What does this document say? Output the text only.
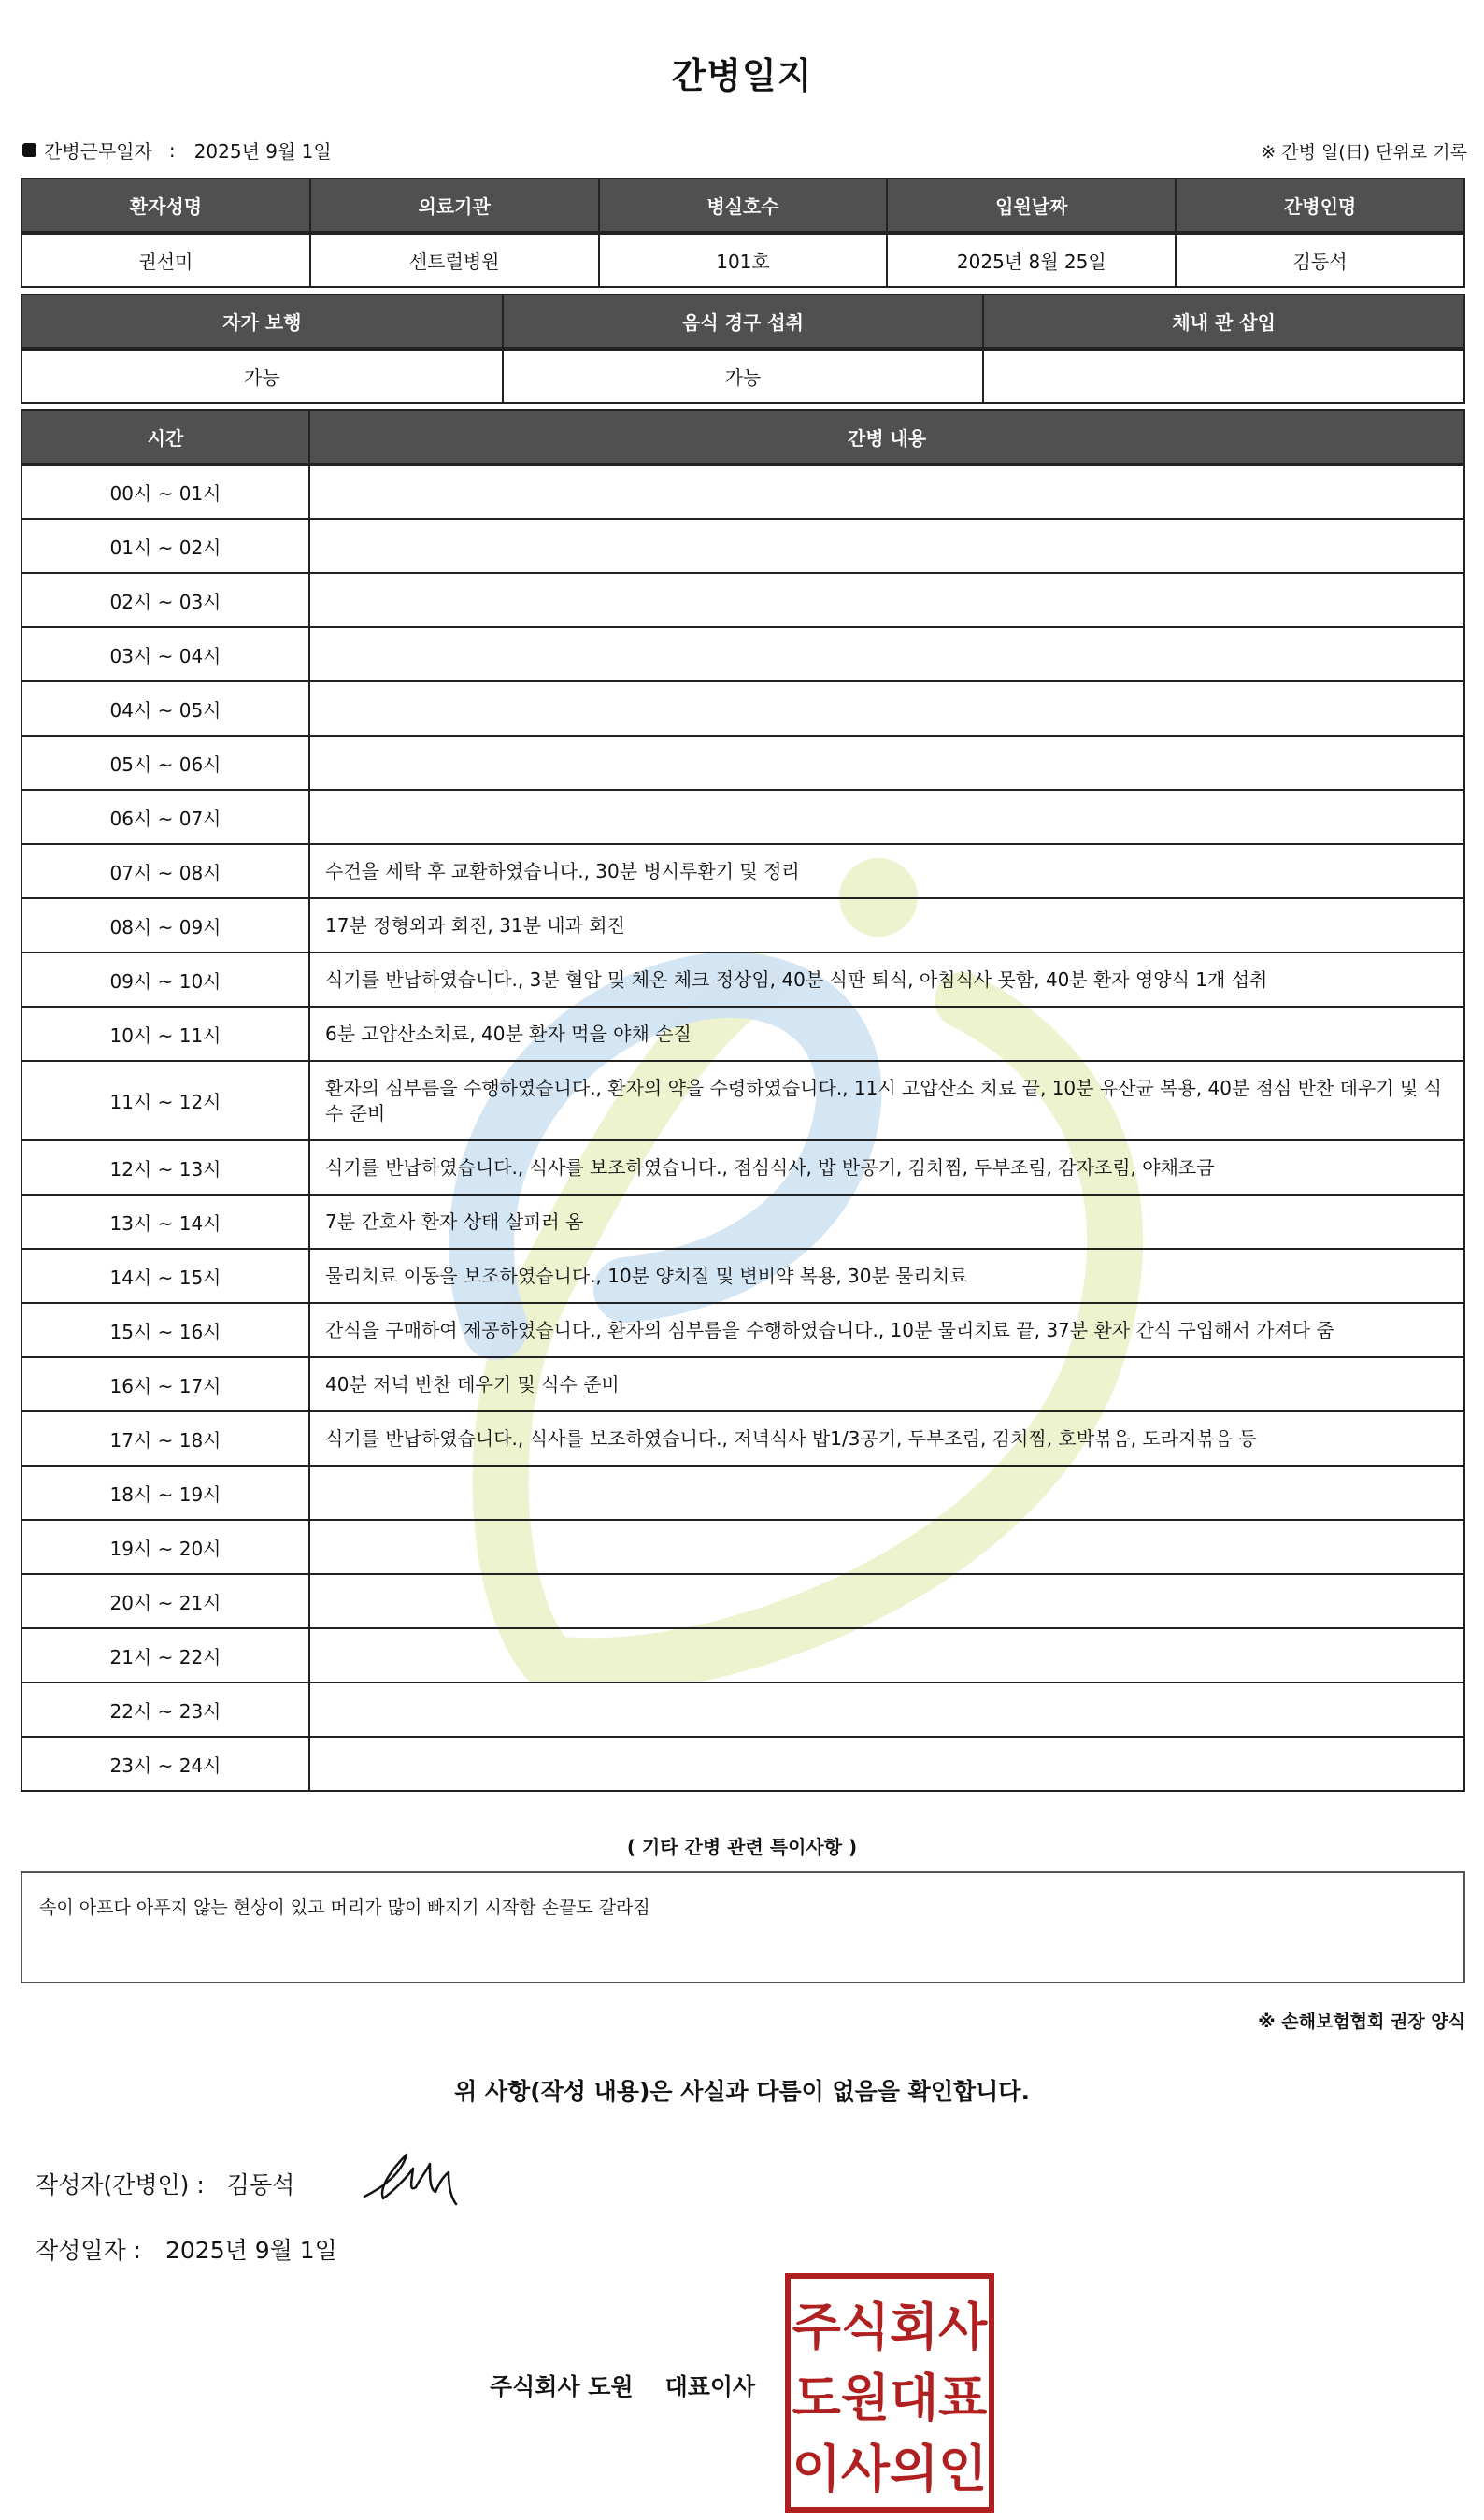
간병일지
간병근무일자 : 2025년 9월 1일	※ 간병 일(日) 단위로 기록
환자성명	의료기관	병실호수	입원날짜	간병인명
권선미	센트럴병원	101호	2025년 8월 25일	김동석
자가 보행	음식 경구 섭취	체내 관 삽입
가능	가능	
시간	간병 내용
00시 ~ 01시	
01시 ~ 02시	
02시 ~ 03시	
03시 ~ 04시	
04시 ~ 05시	
05시 ~ 06시	
06시 ~ 07시	
07시 ~ 08시	수건을 세탁 후 교환하였습니다., 30분 병시루환기 및 정리
08시 ~ 09시	17분 정형외과 회진, 31분 내과 회진
09시 ~ 10시	식기를 반납하였습니다., 3분 혈압 및 체온 체크 정상임, 40분 식판 퇴식, 아침식사 못함, 40분 환자 영양식 1개 섭취
10시 ~ 11시	6분 고압산소치료, 40분 환자 먹을 야채 손질
11시 ~ 12시	환자의 심부름을 수행하였습니다., 환자의 약을 수령하였습니다., 11시 고압산소 치료 끝, 10분 유산균 복용, 40분 점심 반찬 데우기 및 식수 준비
12시 ~ 13시	식기를 반납하였습니다., 식사를 보조하였습니다., 점심식사, 밥 반공기, 김치찜, 두부조림, 감자조림, 야채조금
13시 ~ 14시	7분 간호사 환자 상태 살피러 옴
14시 ~ 15시	물리치료 이동을 보조하였습니다., 10분 양치질 및 변비약 복용, 30분 물리치료
15시 ~ 16시	간식을 구매하여 제공하였습니다., 환자의 심부름을 수행하였습니다., 10분 물리치료 끝, 37분 환자 간식 구입해서 가져다 줌
16시 ~ 17시	40분 저녁 반찬 데우기 및 식수 준비
17시 ~ 18시	식기를 반납하였습니다., 식사를 보조하였습니다., 저녁식사 밥1/3공기, 두부조림, 김치찜, 호박볶음, 도라지볶음 등
18시 ~ 19시	
19시 ~ 20시	
20시 ~ 21시	
21시 ~ 22시	
22시 ~ 23시	
23시 ~ 24시	
( 기타 간병 관련 특이사항 )
속이 아프다 아푸지 않는 현상이 있고 머리가 많이 빠지기 시작함 손끝도 갈라짐
※ 손해보험협회 권장 양식
위 사항(작성 내용)은 사실과 다름이 없음을 확인합니다.
작성자(간병인) : 김동석
작성일자 : 2025년 9월 1일
주식회사 도원 대표이사
주식회사
도원대표
이사의인
